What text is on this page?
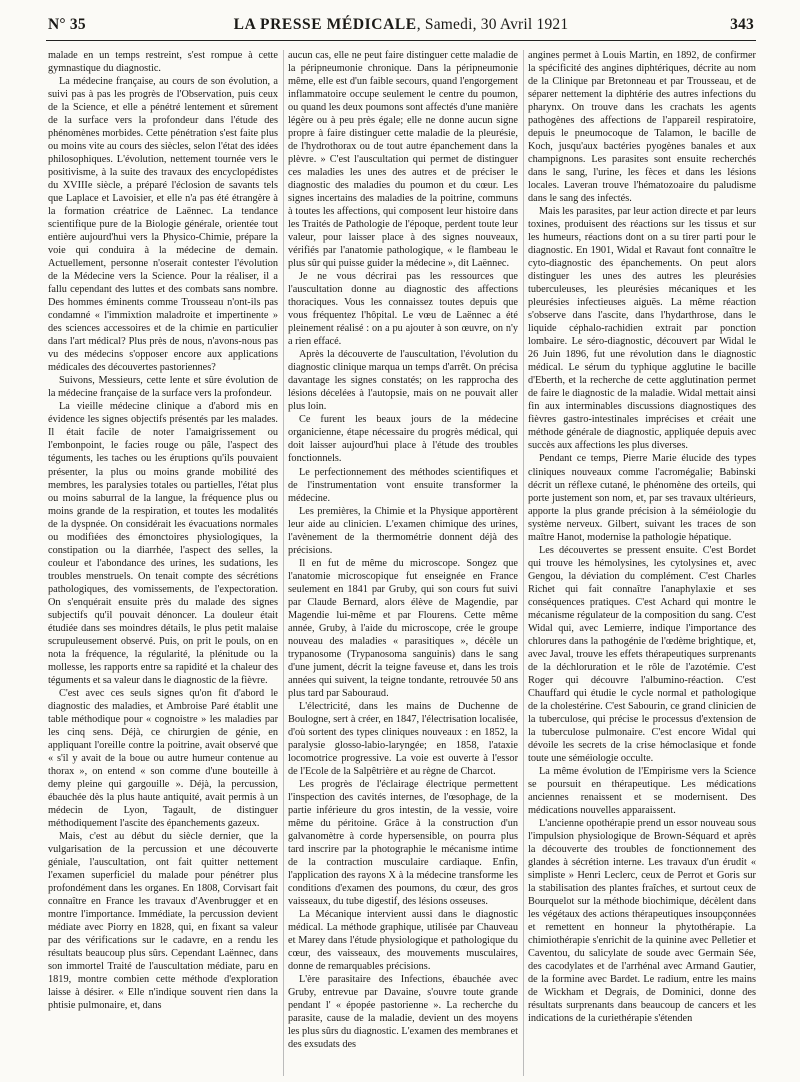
N° 35	LA PRESSE MÉDICALE, Samedi, 30 Avril 1921	343

malade en un temps restreint, s'est rompue à cette gymnastique du diagnostic.

La médecine française, au cours de son évolution, a suivi pas à pas les progrès de l'Observation, puis ceux de la Science, et elle a pénétré lentement et sûrement de la surface vers la profondeur dans l'étude des phénomènes morbides. Cette pénétration s'est faite plus ou moins vite au cours des siècles, selon l'état des idées philosophiques. L'évolution, nettement tournée vers le positivisme, à la suite des travaux des encyclopédistes du XVIIIe siècle, a préparé l'éclosion de savants tels que Laplace et Lavoisier, et elle n'a pas été étrangère à la formation créatrice de Laënnec. La tendance scientifique pure de la Biologie générale, orientée tout entière aujourd'hui vers la Physico-Chimie, prépare la voie qui conduira à la médecine de demain. Actuellement, personne n'oserait contester l'évolution de la Médecine vers la Science. Pour la réaliser, il a fallu cependant des luttes et des combats sans nombre. Des hommes éminents comme Trousseau n'ont-ils pas condamné « l'immixtion maladroite et impertinente » des sciences accessoires et de la chimie en particulier dans l'art médical? Plus près de nous, n'avons-nous pas vu des médecins s'opposer encore aux applications médicales des découvertes pastoriennes?

Suivons, Messieurs, cette lente et sûre évolution de la médecine française de la surface vers la profondeur.

La vieille médecine clinique a d'abord mis en évidence les signes objectifs présentés par les malades. Il était facile de noter l'amaigrissement ou l'embonpoint, le facies rouge ou pâle, l'aspect des téguments, les taches ou les éruptions qu'ils pouvaient présenter, la plus ou moins grande mobilité des membres, les paralysies totales ou partielles, l'état plus ou moins saburral de la langue, la fréquence plus ou moins grande de la respiration, et toutes les modalités de la dyspnée. On considérait les évacuations normales ou modifiées des émonctoires physiologiques, la constipation ou la diarrhée, l'aspect des selles, la couleur et l'abondance des urines, les sudations, les troubles menstruels. On tenait compte des sécrétions pathologiques, des vomissements, de l'expectoration. On s'enquérait ensuite près du malade des signes subjectifs qu'il pouvait dénoncer. La douleur était étudiée dans ses moindres détails, le plus petit malaise scrupuleusement observé. Puis, on prit le pouls, on en nota la fréquence, la régularité, la plénitude ou la mollesse, les rapports entre sa rapidité et la chaleur des téguments et sa valeur dans le diagnostic de la fièvre.

C'est avec ces seuls signes qu'on fit d'abord le diagnostic des maladies, et Ambroise Paré établit une table méthodique pour « cognoistre » les maladies par les cinq sens. Déjà, ce chirurgien de génie, en appliquant l'oreille contre la poitrine, avait observé que « s'il y avait de la boue ou autre humeur contenue au thorax », on entend « son comme d'une bouteille à demy pleine qui gargouille ». Déjà, la percussion, ébauchée dès la plus haute antiquité, avait permis à un médecin de Lyon, Tagault, de distinguer méthodiquement l'ascite des épanchements gazeux.

Mais, c'est au début du siècle dernier, que la vulgarisation de la percussion et une découverte géniale, l'auscultation, ont fait quitter nettement l'examen superficiel du malade pour pénétrer plus profondément dans les organes. En 1808, Corvisart fait connaître en France les travaux d'Avenbrugger et en montre l'importance. Immédiate, la percussion devient médiate avec Piorry en 1828, qui, en fixant sa valeur par des vérifications sur le cadavre, en a rendu les résultats beaucoup plus sûrs. Cependant Laënnec, dans son immortel Traité de l'auscultation médiate, paru en 1819, montre combien cette méthode d'exploration laisse à désirer. « Elle n'indique souvent rien dans la phtisie pulmonaire, et, dans

aucun cas, elle ne peut faire distinguer cette maladie de la péripneumonie chronique. Dans la péripneumonie même, elle est d'un faible secours, quand l'engorgement inflammatoire occupe seulement le centre du poumon, ou quand les deux poumons sont affectés d'une manière légère ou à peu près égale; elle ne donne aucun signe propre à faire distinguer cette maladie de la pleurésie, de l'hydrothorax ou de tout autre épanchement dans la plèvre. » C'est l'auscultation qui permet de distinguer ces maladies les unes des autres et de préciser le diagnostic des maladies du poumon et du cœur. Les signes incertains des maladies de la poitrine, communs à toutes les affections, qui composent leur histoire dans les Traités de Pathologie de l'époque, perdent toute leur valeur, pour laisser place à des signes nouveaux, vérifiés par l'anatomie pathologique, « le flambeau le plus sûr qui puisse guider la médecine », dit Laënnec.

Je ne vous décrirai pas les ressources que l'auscultation donne au diagnostic des affections thoraciques. Vous les connaissez toutes depuis que vous fréquentez l'hôpital. Le vœu de Laënnec a été pleinement réalisé : on a pu ajouter à son œuvre, on n'y a rien effacé.

Après la découverte de l'auscultation, l'évolution du diagnostic clinique marqua un temps d'arrêt. On précisa davantage les signes constatés; on les rapprocha des lésions décelées à l'autopsie, mais on ne pouvait aller plus loin.

Ce furent les beaux jours de la médecine organicienne, étape nécessaire du progrès médical, qui doit laisser aujourd'hui place à l'étude des troubles fonctionnels.

Le perfectionnement des méthodes scientifiques et de l'instrumentation vont ensuite transformer la médecine.

Les premières, la Chimie et la Physique apportèrent leur aide au clinicien. L'examen chimique des urines, l'avènement de la thermométrie donnent déjà des précisions.

Il en fut de même du microscope. Songez que l'anatomie microscopique fut enseignée en France seulement en 1841 par Gruby, qui son cours fut suivi par Claude Bernard, alors élève de Magendie, par Magendie lui-même et par Flourens. Cette même année, Gruby, à l'aide du microscope, crée le groupe nouveau des maladies « parasitiques », décèle un trypanosome (Trypanosoma sanguinis) dans le sang d'une jument, décrit la teigne faveuse et, dans les trois années qui suivent, la teigne tondante, retrouvée 50 ans plus tard par Sabouraud.

L'électricité, dans les mains de Duchenne de Boulogne, sert à créer, en 1847, l'électrisation localisée, d'où sortent des types cliniques nouveaux : en 1852, la paralysie glosso-labio-laryngée; en 1858, l'ataxie locomotrice progressive. La voie est ouverte à l'essor de l'Ecole de la Salpêtrière et au règne de Charcot.

Les progrès de l'éclairage électrique permettent l'inspection des cavités internes, de l'œsophage, de la partie inférieure du gros intestin, de la vessie, voire même du péritoine. Grâce à la construction d'un galvanomètre à corde hypersensible, on pourra plus tard inscrire par la photographie le mécanisme intime de la contraction musculaire cardiaque. Enfin, l'application des rayons X à la médecine transforme les conditions d'examen des poumons, du cœur, des gros vaisseaux, du tube digestif, des lésions osseuses.

La Mécanique intervient aussi dans le diagnostic médical. La méthode graphique, utilisée par Chauveau et Marey dans l'étude physiologique et pathologique du cœur, des vaisseaux, des mouvements musculaires, donne de remarquables précisions.

L'ère parasitaire des Infections, ébauchée avec Gruby, entrevue par Davaine, s'ouvre toute grande pendant l' « épopée pastorienne ». La recherche du parasite, cause de la maladie, devient un des moyens les plus sûrs du diagnostic. L'examen des membranes et des exsudats des

angines permet à Louis Martin, en 1892, de confirmer la spécificité des angines diphtériques, décrite au nom de la Clinique par Bretonneau et par Trousseau, et de séparer nettement la diphtérie des autres infections du pharynx. On trouve dans les crachats les agents pathogènes des affections de l'appareil respiratoire, depuis le pneumocoque de Talamon, le bacille de Koch, jusqu'aux bactéries pyogènes banales et aux champignons. Les parasites sont ensuite recherchés dans le sang, l'urine, les fèces et dans les lésions locales. Laveran trouve l'hématozoaire du paludisme dans le sang des infectés.

Mais les parasites, par leur action directe et par leurs toxines, produisent des réactions sur les tissus et sur les humeurs, réactions dont on a su tirer parti pour le diagnostic. En 1901, Widal et Ravaut font connaître le cyto-diagnostic des épanchements. On peut alors distinguer les unes des autres les pleurésies tuberculeuses, les pleurésies mécaniques et les pleurésies infectieuses aiguës. La même réaction s'observe dans l'ascite, dans l'hydarthrose, dans le liquide céphalo-rachidien extrait par ponction lombaire. Le séro-diagnostic, découvert par Widal le 26 Juin 1896, fut une révolution dans le diagnostic médical. Le sérum du typhique agglutine le bacille d'Eberth, et la recherche de cette agglutination permet de faire le diagnostic de la maladie. Widal mettait ainsi fin aux interminables discussions diagnostiques des fièvres gastro-intestinales imprécises et créait une méthode générale de diagnostic, appliquée depuis avec succès aux affections les plus diverses.

Pendant ce temps, Pierre Marie élucide des types cliniques nouveaux comme l'acromégalie; Babinski décrit un réflexe cutané, le phénomène des orteils, qui porte justement son nom, et, par ses travaux ultérieurs, apporte la plus grande précision à la séméiologie du système nerveux. Gilbert, suivant les traces de son maître Hanot, modernise la pathologie hépatique.

Les découvertes se pressent ensuite. C'est Bordet qui trouve les hémolysines, les cytolysines et, avec Gengou, la déviation du complément. C'est Charles Richet qui fait connaître l'anaphylaxie et ses conséquences pratiques. C'est Achard qui montre le mécanisme régulateur de la composition du sang. C'est Widal qui, avec Lemierre, indique l'importance des chlorures dans la pathogénie de l'œdème brightique, et, avec Javal, trouve les effets thérapeutiques surprenants de la déchloruration et le rôle de l'azotémie. C'est Roger qui découvre l'albumino-réaction. C'est Chauffard qui étudie le cycle normal et pathologique de la cholestérine. C'est Sabourin, ce grand clinicien de la tuberculose, qui précise le processus d'extension de la tuberculose pulmonaire. C'est encore Widal qui dévoile les secrets de la crise hémoclasique et fonde toute une séméiologie occulte.

La même évolution de l'Empirisme vers la Science se poursuit en thérapeutique. Les médications anciennes renaissent et se modernisent. Des médications nouvelles apparaissent.

L'ancienne opothérapie prend un essor nouveau sous l'impulsion physiologique de Brown-Séquard et après la découverte des troubles de fonctionnement des glandes à sécrétion interne. Les travaux d'un érudit « simpliste » Henri Leclerc, ceux de Perrot et Goris sur la stabilisation des plantes fraîches, et surtout ceux de Bourquelot sur la méthode biochimique, décèlent dans les végétaux des actions thérapeutiques insoupçonnées et remettent en honneur la phytothérapie. La chimiothérapie s'enrichit de la quinine avec Pelletier et Caventou, du salicylate de soude avec Germain Sée, des cacodylates et de l'arrhénal avec Armand Gautier, de la formine avec Bardet. Le radium, entre les mains de Wickham et Degrais, de Dominici, donne des résultats surprenants dans beaucoup de cancers et les indications de la curiethérapie s'étenden
